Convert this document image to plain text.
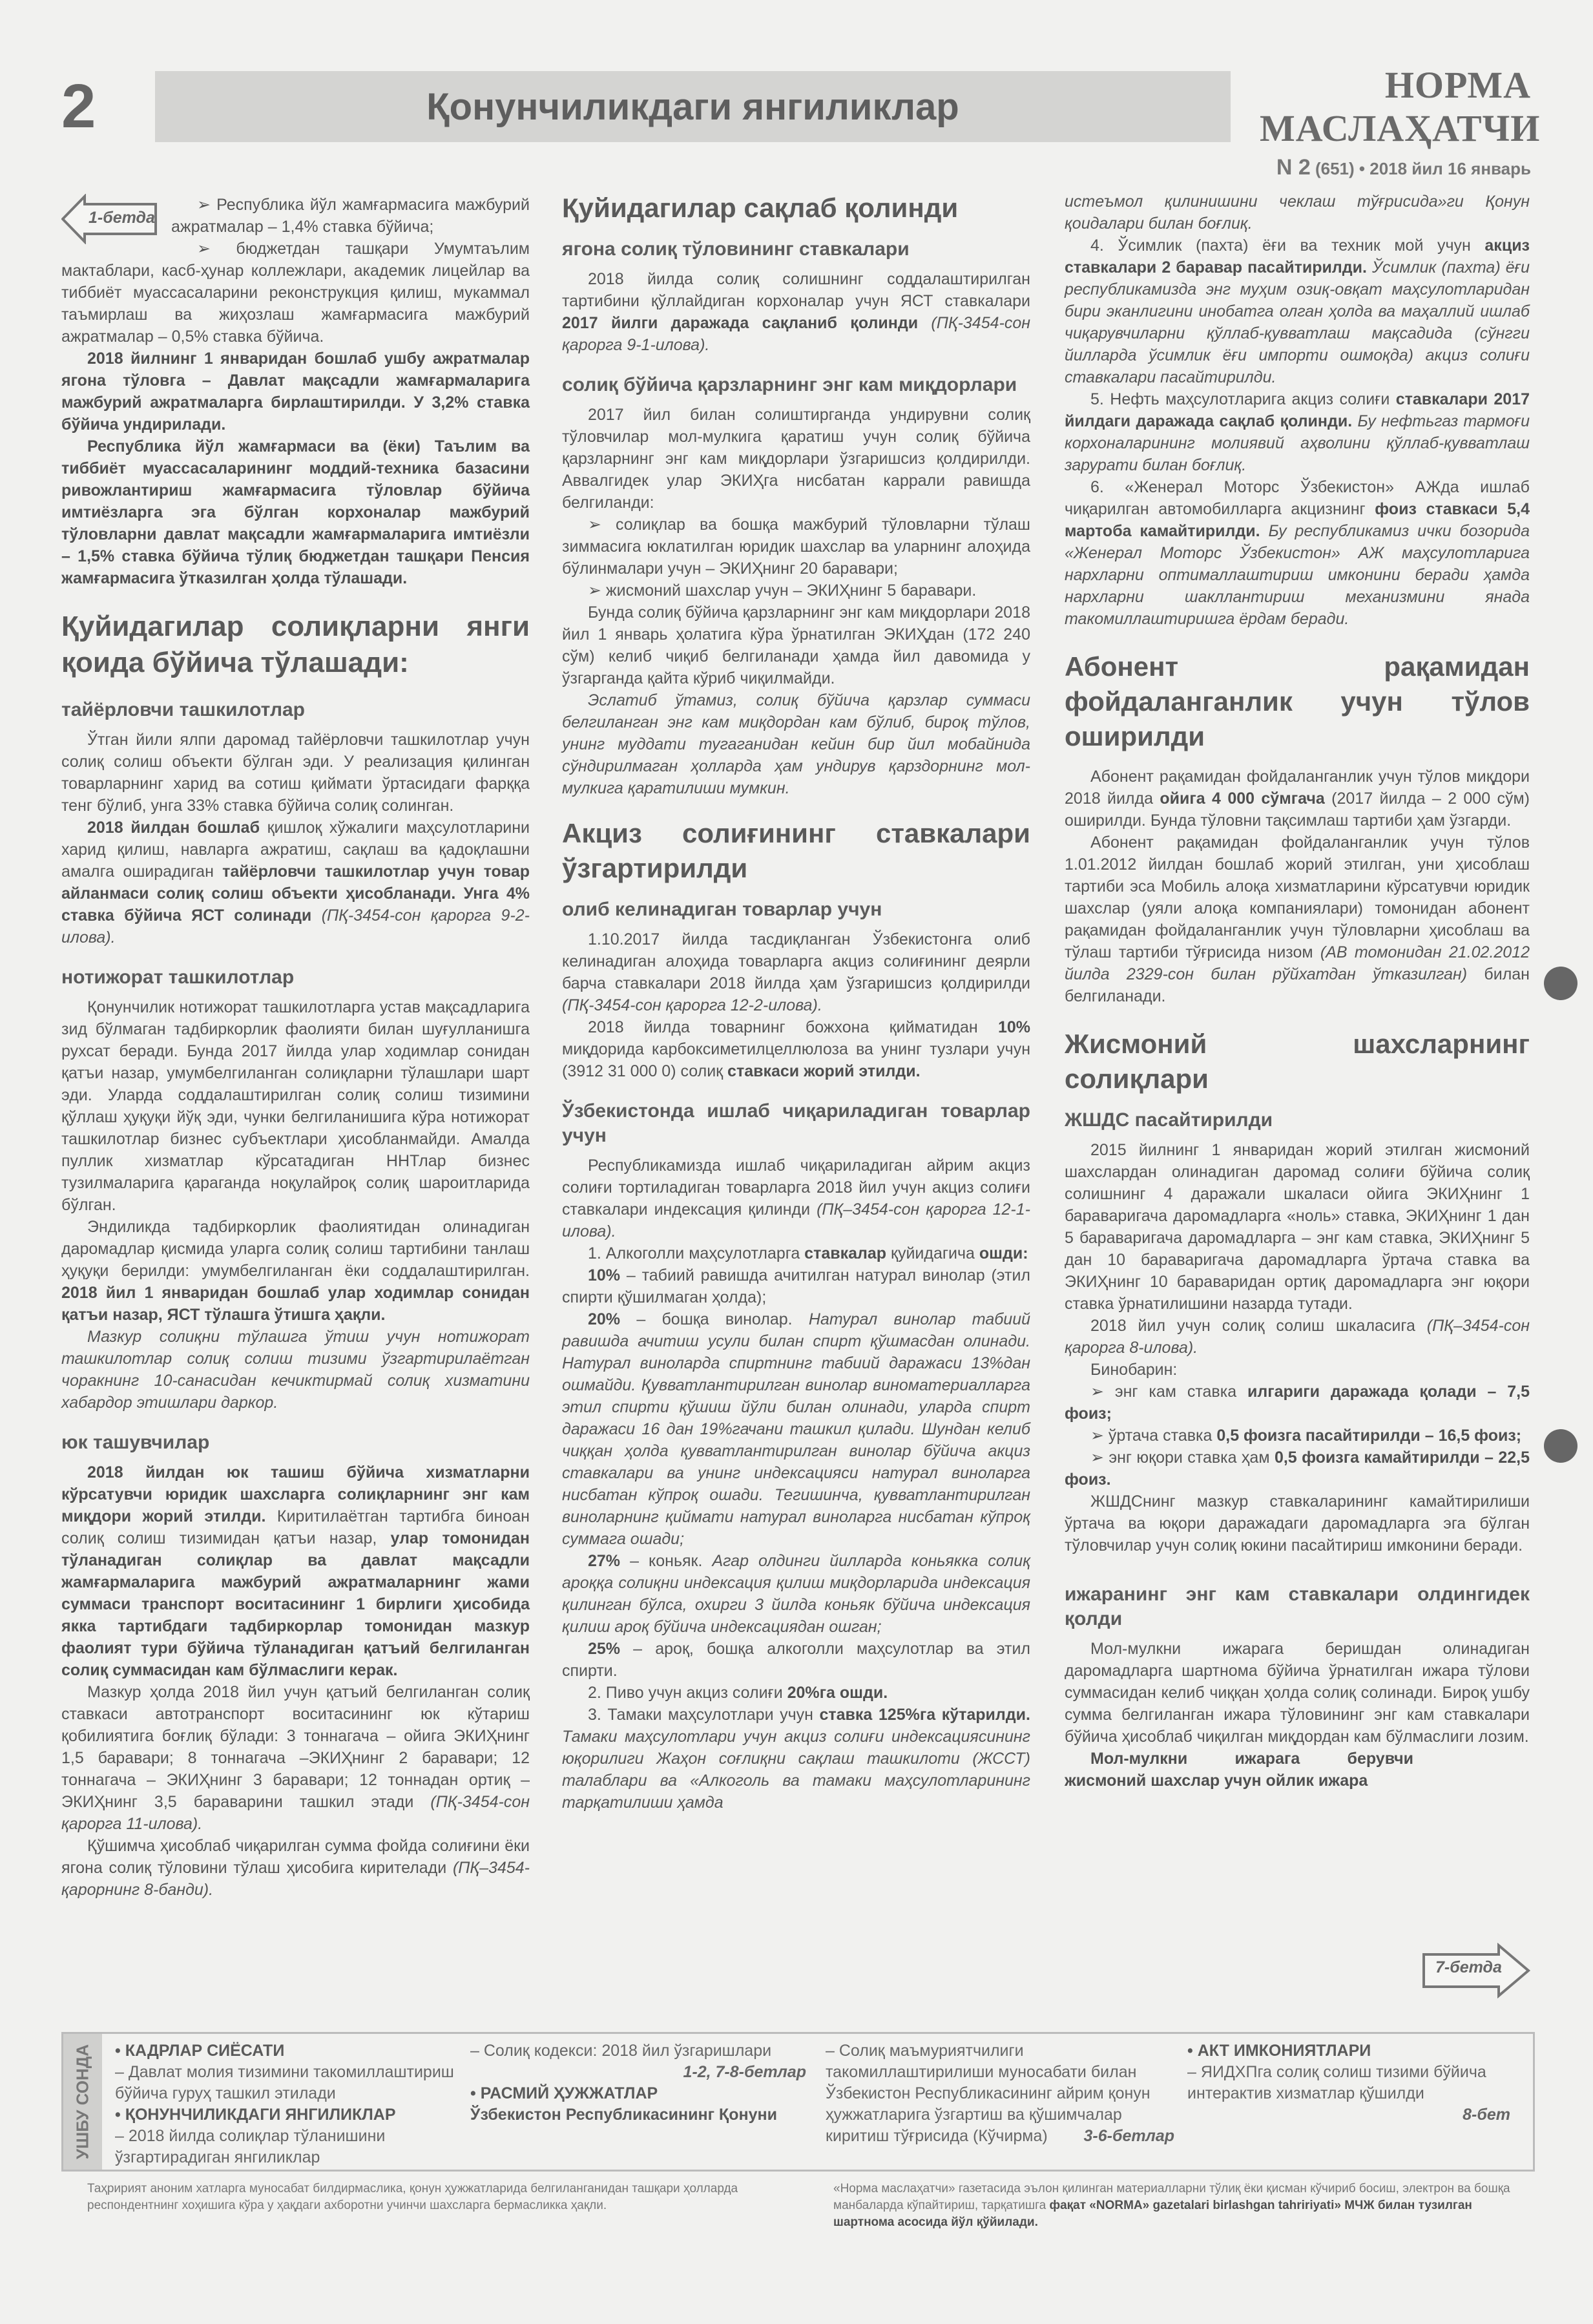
2	Қонунчиликдаги янгиликлар
НОРМА МАСЛАҲАТЧИ
N 2 (651) • 2018 йил 16 январь
1-бетда

➢ Республика йўл жамғармасига мажбурий ажратмалар – 1,4% ставка бўйича;

➢ бюджетдан ташқари Умумтаълим мактаблари, касб-ҳунар коллежлари, академик лицейлар ва тиббиёт муассасаларини реконструкция қилиш, мукаммал таъмирлаш ва жиҳозлаш жамғармасига мажбурий ажратмалар – 0,5% ставка бўйича.

2018 йилнинг 1 январидан бошлаб ушбу ажратмалар ягона тўловга – Давлат мақсадли жамғармаларига мажбурий ажратмаларга бирлаштирилди. У 3,2% ставка бўйича ундирилади.

Республика йўл жамғармаси ва (ёки) Таълим ва тиббиёт муассасаларининг моддий-техника базасини ривожлантириш жамғармасига тўловлар бўйича имтиёзларга эга бўлган корхоналар мажбурий тўловларни давлат мақсадли жамғармаларига имтиёзли – 1,5% ставка бўйича тўлиқ бюджетдан ташқари Пенсия жамғармасига ўтказилган ҳолда тўлашади.

Қуйидагилар солиқларни янги қоида бўйича тўлашади:
тайёрловчи ташкилотлар

Ўтган йили ялпи даромад тайёрловчи ташкилотлар учун солиқ солиш объекти бўлган эди. У реализация қилинган товарларнинг харид ва сотиш қиймати ўртасидаги фарққа тенг бўлиб, унга 33% ставка бўйича солиқ солинган.

2018 йилдан бошлаб қишлоқ хўжалиги маҳсулотларини харид қилиш, навларга ажратиш, сақлаш ва қадоқлашни амалга оширадиган тайёрловчи ташкилотлар учун товар айланмаси солиқ солиш объекти ҳисобланади. Унга 4% ставка бўйича ЯСТ солинади (ПҚ-3454-сон қарорга 9-2-илова).

нотижорат ташкилотлар

Қонунчилик нотижорат ташкилотларга устав мақсадларига зид бўлмаган тадбиркорлик фаолияти билан шуғулланишга рухсат беради. Бунда 2017 йилда улар ходимлар сонидан қатъи назар, умумбелгиланган солиқларни тўлашлари шарт эди. Уларда соддалаштирилган солиқ солиш тизимини қўллаш ҳуқуқи йўқ эди, чунки белгиланишига кўра нотижорат ташкилотлар бизнес субъектлари ҳисобланмайди. Амалда пуллик хизматлар кўрсатадиган ННТлар бизнес тузилмаларига қараганда ноқулайроқ солиқ шароитларида бўлган.

Эндиликда тадбиркорлик фаолиятидан олинадиган даромадлар қисмида уларга солиқ солиш тартибини танлаш ҳуқуқи берилди: умумбелгиланган ёки соддалаштирилган. 2018 йил 1 январидан бошлаб улар ходимлар сонидан қатъи назар, ЯСТ тўлашга ўтишга ҳақли.

Мазкур солиқни тўлашга ўтиш учун нотижорат ташкилотлар солиқ солиш тизими ўзгартирилаётган чоракнинг 10-санасидан кечиктирмай солиқ хизматини хабардор этишлари даркор.

юк ташувчилар

2018 йилдан юк ташиш бўйича хизматларни кўрсатувчи юридик шахсларга солиқларнинг энг кам миқдори жорий этилди. Киритилаётган тартибга биноан солиқ солиш тизимидан қатъи назар, улар томонидан тўланадиган солиқлар ва давлат мақсадли жамғармаларига мажбурий ажратмаларнинг жами суммаси транспорт воситасининг 1 бирлиги ҳисобида якка тартибдаги тадбиркорлар томонидан мазкур фаолият тури бўйича тўланадиган қатъий белгиланган солиқ суммасидан кам бўлмаслиги керак.

Мазкур ҳолда 2018 йил учун қатъий белгиланган солиқ ставкаси автотранспорт воситасининг юк кўтариш қобилиятига боғлиқ бўлади: 3 тоннагача – ойига ЭКИҲнинг 1,5 баравари; 8 тоннагача –ЭКИҲнинг 2 баравари; 12 тоннагача – ЭКИҲнинг 3 баравари; 12 тоннадан ортиқ – ЭКИҲнинг 3,5 бараварини ташкил этади (ПҚ-3454-сон қарорга 11-илова).

Қўшимча ҳисоблаб чиқарилган сумма фойда солиғини ёки ягона солиқ тўловини тўлаш ҳисобига кирителади (ПҚ–3454-қарорнинг 8-банди).

Қуйидагилар сақлаб қолинди
ягона солиқ тўловининг ставкалари

2018 йилда солиқ солишнинг соддалаштирилган тартибини қўллайдиган корхоналар учун ЯСТ ставкалари 2017 йилги даражада сақланиб қолинди (ПҚ-3454-сон қарорга 9-1-илова).

солиқ бўйича қарзларнинг энг кам миқдорлари

2017 йил билан солиштирганда ундирувни солиқ тўловчилар мол-мулкига қаратиш учун солиқ бўйича қарзларнинг энг кам миқдорлари ўзгаришсиз қолдирилди. Аввалгидек улар ЭКИҲга нисбатан каррали равишда белгиланди:

➢ солиқлар ва бошқа мажбурий тўловларни тўлаш зиммасига юклатилган юридик шахслар ва уларнинг алоҳида бўлинмалари учун – ЭКИҲнинг 20 баравари;

➢ жисмоний шахслар учун – ЭКИҲнинг 5 баравари.

Бунда солиқ бўйича қарзларнинг энг кам миқдорлари 2018 йил 1 январь ҳолатига кўра ўрнатилган ЭКИҲдан (172 240 сўм) келиб чиқиб белгиланади ҳамда йил давомида у ўзгарганда қайта кўриб чиқилмайди.

Эслатиб ўтамиз, солиқ бўйича қарзлар суммаси белгиланган энг кам миқдордан кам бўлиб, бироқ тўлов, унинг муддати тугаганидан кейин бир йил мобайнида сўндирилмаган ҳолларда ҳам ундирув қарздорнинг мол-мулкига қаратилиши мумкин.

Акциз солиғининг ставкалари ўзгартирилди
олиб келинадиган товарлар учун

1.10.2017 йилда тасдиқланган Ўзбекистонга олиб келинадиган алоҳида товарларга акциз солиғининг деярли барча ставкалари 2018 йилда ҳам ўзгаришсиз қолдирилди (ПҚ-3454-сон қарорга 12-2-илова).

2018 йилда товарнинг божхона қийматидан 10% миқдорида карбоксиметилцеллюлоза ва унинг тузлари учун (3912 31 000 0) солиқ ставкаси жорий этилди.

Ўзбекистонда ишлаб чиқариладиган товарлар учун

Республикамизда ишлаб чиқариладиган айрим акциз солиғи тортиладиган товарларга 2018 йил учун акциз солиғи ставкалари индексация қилинди (ПҚ–3454-сон қарорга 12-1-илова).

1. Алкоголли маҳсулотларга ставкалар қуйидагича ошди:

10% – табиий равишда ачитилган натурал винолар (этил спирти қўшилмаган ҳолда);

20% – бошқа винолар. Натурал винолар табиий равишда ачитиш усули билан спирт қўшмасдан олинади. Натурал виноларда спиртнинг табиий даражаси 13%дан ошмайди. Қувватлантирилган винолар виноматериалларга этил спирти қўшиш йўли билан олинади, уларда спирт даражаси 16 дан 19%гачани ташкил қилади. Шундан келиб чиққан ҳолда қувватлантирилган винолар бўйича акциз ставкалари ва унинг индексацияси натурал виноларга нисбатан кўпроқ ошади. Тегишинча, қувватлантирилган виноларнинг қиймати натурал виноларга нисбатан кўпроқ суммага ошади;

27% – коньяк. Агар олдинги йилларда коньякка солиқ ароққа солиқни индексация қилиш миқдорларида индексация қилинган бўлса, охирги 3 йилда коньяк бўйича индексация қилиш ароқ бўйича индексациядан ошган;

25% – ароқ, бошқа алкоголли маҳсулотлар ва этил спирти.

2. Пиво учун акциз солиғи 20%га ошди.

3. Тамаки маҳсулотлари учун ставка 125%га кўтарилди. Тамаки маҳсулотлари учун акциз солиғи индексациясининг юқорилиги Жаҳон соғлиқни сақлаш ташкилоти (ЖССТ) талаблари ва «Алкоголь ва тамаки маҳсулотларининг тарқатилиши ҳамда

истеъмол қилинишини чеклаш тўғрисида»ги Қонун қоидалари билан боғлиқ.

4. Ўсимлик (пахта) ёғи ва техник мой учун акциз ставкалари 2 баравар пасайтирилди. Ўсимлик (пахта) ёғи республикамизда энг муҳим озиқ-овқат маҳсулотларидан бири эканлигини инобатга олган ҳолда ва маҳаллий ишлаб чиқарувчиларни қўллаб-қувватлаш мақсадида (сўнгги йилларда ўсимлик ёғи импорти ошмоқда) акциз солиғи ставкалари пасайтирилди.

5. Нефть маҳсулотларига акциз солиғи ставкалари 2017 йилдаги даражада сақлаб қолинди. Бу нефтьгаз тармоғи корхоналарининг молиявий аҳволини қўллаб-қувватлаш зарурати билан боғлиқ.

6. «Женерал Моторс Ўзбекистон» АЖда ишлаб чиқарилган автомобилларга акцизнинг фоиз ставкаси 5,4 мартоба камайтирилди. Бу республикамиз ички бозорида «Женерал Моторс Ўзбекистон» АЖ маҳсулотларига нархларни оптималлаштириш имконини беради ҳамда нархларни шакллантириш механизмини янада такомиллаштиришга ёрдам беради.

Абонент рақамидан фойдаланганлик учун тўлов оширилди

Абонент рақамидан фойдаланганлик учун тўлов миқдори 2018 йилда ойига 4 000 сўмгача (2017 йилда – 2 000 сўм) оширилди. Бунда тўловни тақсимлаш тартиби ҳам ўзгарди.

Абонент рақамидан фойдаланганлик учун тўлов 1.01.2012 йилдан бошлаб жорий этилган, уни ҳисоблаш тартиби эса Мобиль алоқа хизматларини кўрсатувчи юридик шахслар (уяли алоқа компаниялари) томонидан абонент рақамидан фойдаланганлик учун тўловларни ҳисоблаш ва тўлаш тартиби тўғрисида низом (АВ томонидан 21.02.2012 йилда 2329-сон билан рўйхатдан ўтказилган) билан белгиланади.

Жисмоний шахсларнинг солиқлари
ЖШДС пасайтирилди

2015 йилнинг 1 январидан жорий этилган жисмоний шахслардан олинадиган даромад солиғи бўйича солиқ солишнинг 4 даражали шкаласи ойига ЭКИҲнинг 1 бараваригача даромадларга «ноль» ставка, ЭКИҲнинг 1 дан 5 бараваригача даромадларга – энг кам ставка, ЭКИҲнинг 5 дан 10 бараваригача даромадларга ўртача ставка ва ЭКИҲнинг 10 бараваридан ортиқ даромадларга энг юқори ставка ўрнатилишини назарда тутади.

2018 йил учун солиқ солиш шкаласига (ПҚ–3454-сон қарорга 8-илова).

Бинобарин:

➢ энг кам ставка илгариги даражада қолади – 7,5 фоиз;

➢ ўртача ставка 0,5 фоизга пасайтирилди – 16,5 фоиз;

➢ энг юқори ставка ҳам 0,5 фоизга камайтирилди – 22,5 фоиз.

ЖШДСнинг мазкур ставкаларининг камайтирилиши ўртача ва юқори даражадаги даромадларга эга бўлган тўловчилар учун солиқ юкини пасайтириш имконини беради.

ижаранинг энг кам ставкалари олдингидек қолди

Мол-мулкни ижарага беришдан олинадиган даромадларга шартнома бўйича ўрнатилган ижара тўлови суммасидан келиб чиққан ҳолда солиқ солинади. Бироқ ушбу сумма белгиланган ижара тўловининг энг кам ставкалари бўйича ҳисоблаб чиқилган миқдордан кам бўлмаслиги лозим.

Мол-мулкни ижарага берувчи жисмоний шахслар учун ойлик ижара

7-бетда
УШБУ СОНДА • КАДРЛАР СИЁСАТИ
– Давлат молия тизимини такомиллаштириш бўйича гуруҳ ташкил этилади
• ҚОНУНЧИЛИКДАГИ ЯНГИЛИКЛАР
– 2018 йилда солиқлар тўланишини ўзгартирадиган янгиликлар
– Солиқ кодекси: 2018 йил ўзгаришлари
1-2, 7-8-бетлар
• РАСМИЙ ҲУЖЖАТЛАР
Ўзбекистон Республикасининг Қонуни
– Солиқ маъмуриятчилиги такомиллаштирилиши муносабати билан Ўзбекистон Республикасининг айрим қонун ҳужжатларига ўзгартиш ва қўшимчалар киритиш тўғрисида (Кўчирма)	3-6-бетлар
• АКТ ИМКОНИЯТЛАРИ
– ЯИДХПга солиқ солиш тизими бўйича интерактив хизматлар қўшилди
8-бет
Таҳририят аноним хатларга муносабат билдирмаслика, қонун ҳужжатларида белгиланганидан ташқари ҳолларда респондентнинг хоҳишига кўра у ҳақдаги ахборотни учинчи шахсларга бермасликка ҳақли.
«Норма маслаҳатчи» газетасида эълон қилинган материалларни тўлиқ ёки қисман кўчириб босиш, электрон ва бошқа манбаларда кўпайтириш, тарқатишга фақат «NORMA» gazetalari birlashgan tahririyati» МЧЖ билан тузилган шартнома асосида йўл қўйилади.
